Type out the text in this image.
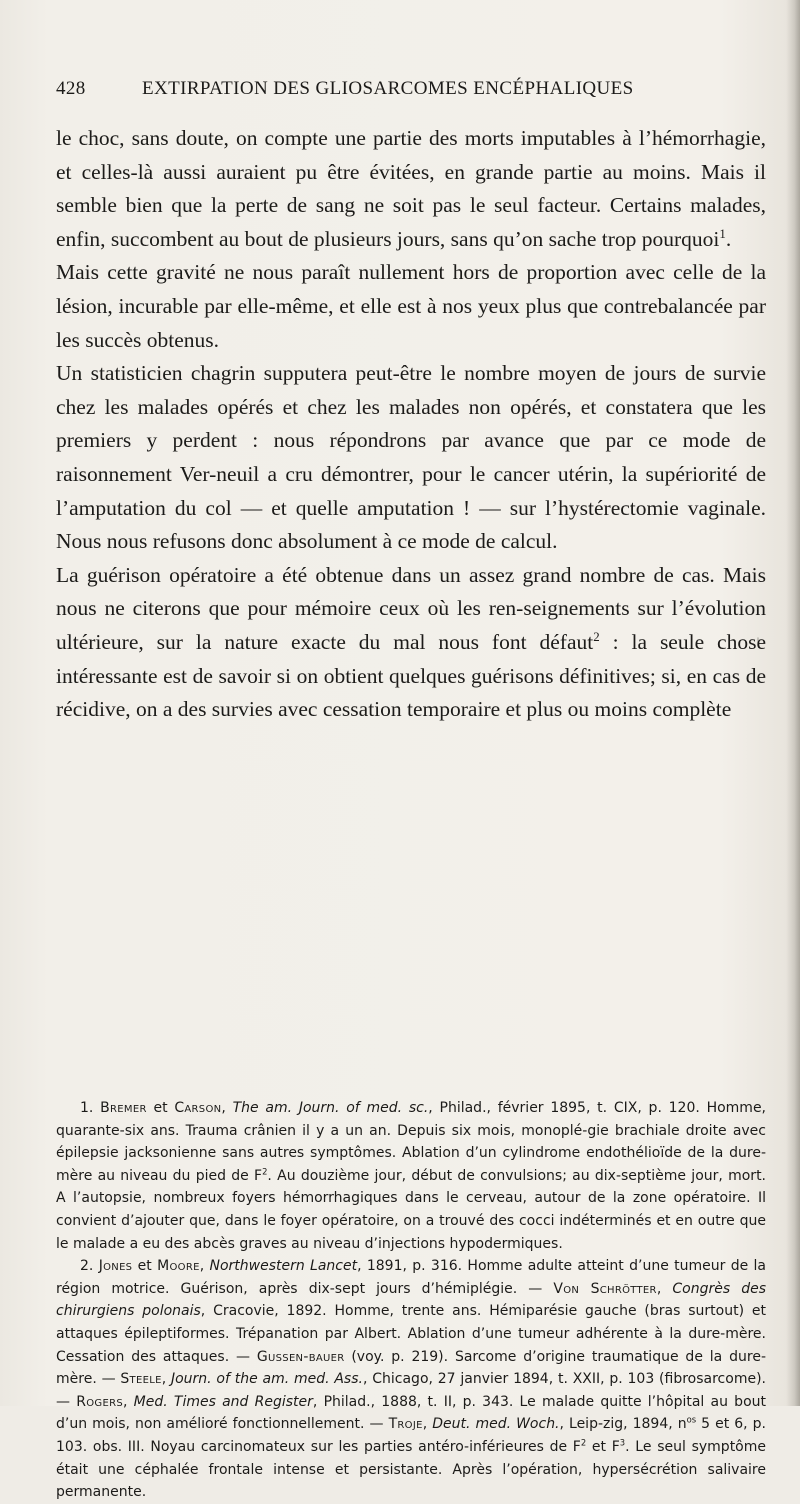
428	EXTIRPATION DES GLIOSARCOMES ENCÉPHALIQUES

le choc, sans doute, on compte une partie des morts imputables à l’hémorrhagie, et celles-là aussi auraient pu être évitées, en grande partie au moins. Mais il semble bien que la perte de sang ne soit pas le seul facteur. Certains malades, enfin, succombent au bout de plusieurs jours, sans qu’on sache trop pourquoi$^1$.

Mais cette gravité ne nous paraît nullement hors de proportion avec celle de la lésion, incurable par elle-même, et elle est à nos yeux plus que contrebalancée par les succès obtenus.

Un statisticien chagrin supputera peut-être le nombre moyen de jours de survie chez les malades opérés et chez les malades non opérés, et constatera que les premiers y perdent : nous répondrons par avance que par ce mode de raisonnement Ver-neuil a cru démontrer, pour le cancer utérin, la supériorité de l’amputation du col — et quelle amputation ! — sur l’hystérectomie vaginale. Nous nous refusons donc absolument à ce mode de calcul.

La guérison opératoire a été obtenue dans un assez grand nombre de cas. Mais nous ne citerons que pour mémoire ceux où les ren-seignements sur l’évolution ultérieure, sur la nature exacte du mal nous font défaut$^2$ : la seule chose intéressante est de savoir si on obtient quelques guérisons définitives; si, en cas de récidive, on a des survies avec cessation temporaire et plus ou moins complète

1. Bremer et Carson, The am. Journ. of med. sc., Philad., février 1895, t. CIX, p. 120. Homme, quarante-six ans. Trauma crânien il y a un an. Depuis six mois, monoplé-gie brachiale droite avec épilepsie jacksonienne sans autres symptômes. Ablation d’un cylindrome endothélioïde de la dure-mère au niveau du pied de $F^2$. Au douzième jour, début de convulsions; au dix-septième jour, mort. A l’autopsie, nombreux foyers hémorrhagiques dans le cerveau, autour de la zone opératoire. Il convient d’ajouter que, dans le foyer opératoire, on a trouvé des cocci indéterminés et en outre que le malade a eu des abcès graves au niveau d’injections hypodermiques.

2. Jones et Moore, Northwestern Lancet, 1891, p. 316. Homme adulte atteint d’une tumeur de la région motrice. Guérison, après dix-sept jours d’hémiplégie. — Von Schrötter, Congrès des chirurgiens polonais, Cracovie, 1892. Homme, trente ans. Hémiparésie gauche (bras surtout) et attaques épileptiformes. Trépanation par Albert. Ablation d’une tumeur adhérente à la dure-mère. Cessation des attaques. — Gussen-bauer (voy. p. 219). Sarcome d’origine traumatique de la dure-mère. — Steele, Journ. of the am. med. Ass., Chicago, 27 janvier 1894, t. XXII, p. 103 (fibrosarcome). — Rogers, Med. Times and Register, Philad., 1888, t. II, p. 343. Le malade quitte l’hôpital au bout d’un mois, non amélioré fonctionnellement. — Troje, Deut. med. Woch., Leip-zig, 1894, $n^{os}$ 5 et 6, p. 103. obs. III. Noyau carcinomateux sur les parties antéro-inférieures de $F^2$ et $F^3$. Le seul symptôme était une céphalée frontale intense et persistante. Après l’opération, hypersécrétion salivaire permanente.
